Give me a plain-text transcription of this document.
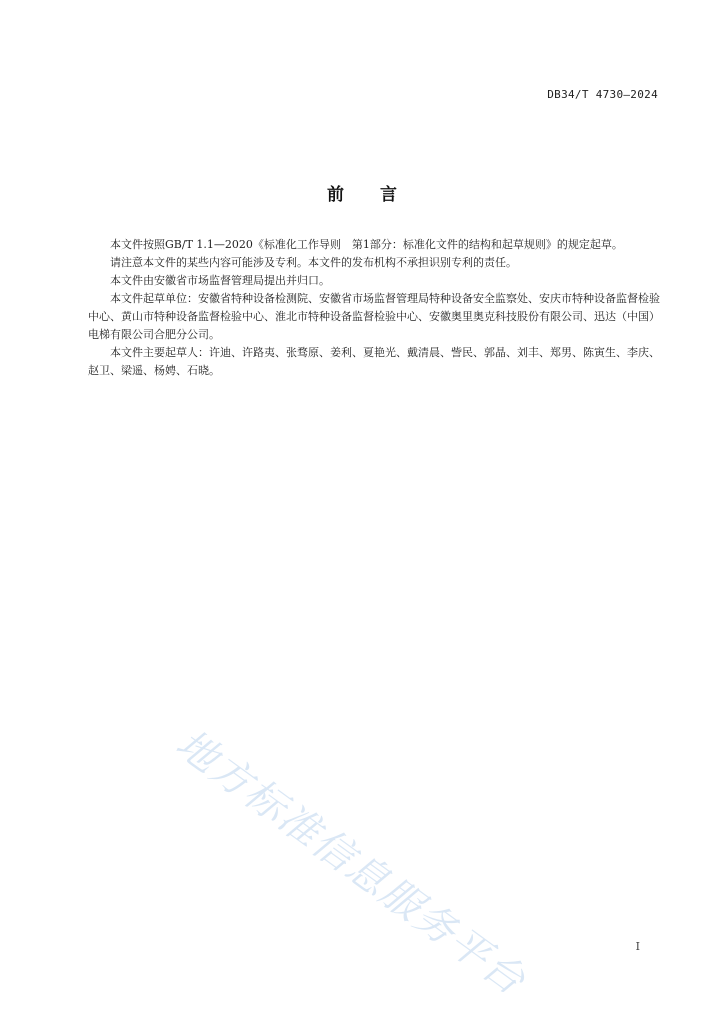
DB34/T 4730—2024
前言

本文件按照GB/T 1.1—2020《标准化工作导则　第1部分：标准化文件的结构和起草规则》的规定起草。

请注意本文件的某些内容可能涉及专利。本文件的发布机构不承担识别专利的责任。

本文件由安徽省市场监督管理局提出并归口。

本文件起草单位：安徽省特种设备检测院、安徽省市场监督管理局特种设备安全监察处、安庆市特种设备监督检验中心、黄山市特种设备监督检验中心、淮北市特种设备监督检验中心、安徽奥里奥克科技股份有限公司、迅达（中国）电梯有限公司合肥分公司。

本文件主要起草人：许迪、许路夷、张骛原、姜利、夏艳光、戴清晨、訾民、郭晶、刘丰、郑男、陈寅生、李庆、赵卫、梁遥、杨娉、石晓。

地方标准信息服务平台	I
